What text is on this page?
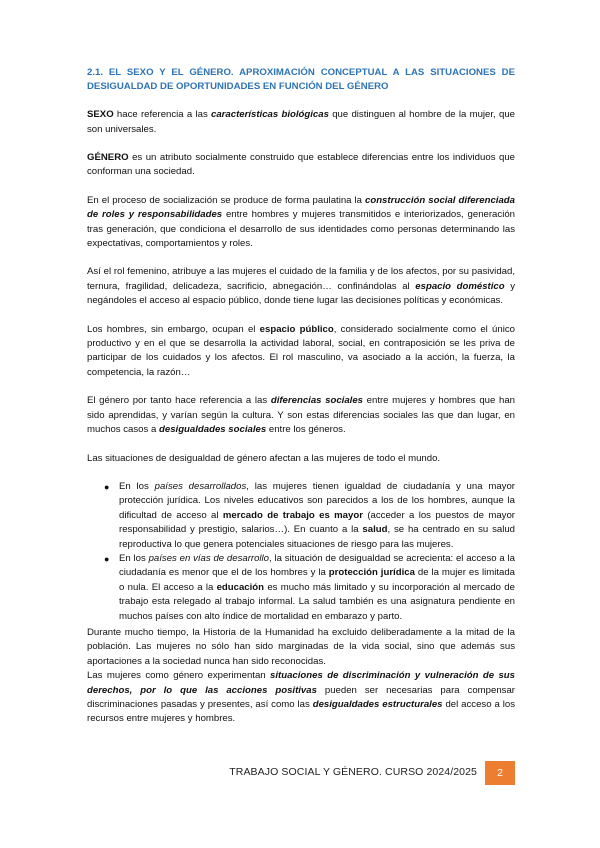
2.1. EL SEXO Y EL GÉNERO. APROXIMACIÓN CONCEPTUAL A LAS SITUACIONES DE DESIGUALDAD DE OPORTUNIDADES EN FUNCIÓN DEL GÉNERO

SEXO hace referencia a las características biológicas que distinguen al hombre de la mujer, que son universales.

GÉNERO es un atributo socialmente construido que establece diferencias entre los individuos que conforman una sociedad.

En el proceso de socialización se produce de forma paulatina la construcción social diferenciada de roles y responsabilidades entre hombres y mujeres transmitidos e interiorizados, generación tras generación, que condiciona el desarrollo de sus identidades como personas determinando las expectativas, comportamientos y roles.

Así el rol femenino, atribuye a las mujeres el cuidado de la familia y de los afectos, por su pasividad, ternura, fragilidad, delicadeza, sacrificio, abnegación… confinándolas al espacio doméstico y negándoles el acceso al espacio público, donde tiene lugar las decisiones políticas y económicas.

Los hombres, sin embargo, ocupan el espacio público, considerado socialmente como el único productivo y en el que se desarrolla la actividad laboral, social, en contraposición se les priva de participar de los cuidados y los afectos. El rol masculino, va asociado a la acción, la fuerza, la competencia, la razón…

El género por tanto hace referencia a las diferencias sociales entre mujeres y hombres que han sido aprendidas, y varían según la cultura. Y son estas diferencias sociales las que dan lugar, en muchos casos a desigualdades sociales entre los géneros.

Las situaciones de desigualdad de género afectan a las mujeres de todo el mundo.

● En los países desarrollados, las mujeres tienen igualdad de ciudadanía y una mayor protección jurídica. Los niveles educativos son parecidos a los de los hombres, aunque la dificultad de acceso al mercado de trabajo es mayor (acceder a los puestos de mayor responsabilidad y prestigio, salarios…). En cuanto a la salud, se ha centrado en su salud reproductiva lo que genera potenciales situaciones de riesgo para las mujeres.
● En los países en vías de desarrollo, la situación de desigualdad se acrecienta: el acceso a la ciudadanía es menor que el de los hombres y la protección jurídica de la mujer es limitada o nula. El acceso a la educación es mucho más limitado y su incorporación al mercado de trabajo esta relegado al trabajo informal. La salud también es una asignatura pendiente en muchos países con alto índice de mortalidad en embarazo y parto.

Durante mucho tiempo, la Historia de la Humanidad ha excluido deliberadamente a la mitad de la población. Las mujeres no sólo han sido marginadas de la vida social, sino que además sus aportaciones a la sociedad nunca han sido reconocidas.

Las mujeres como género experimentan situaciones de discriminación y vulneración de sus derechos, por lo que las acciones positivas pueden ser necesarias para compensar discriminaciones pasadas y presentes, así como las desigualdades estructurales del acceso a los recursos entre mujeres y hombres.

TRABAJO SOCIAL Y GÉNERO. CURSO 2024/2025	2
